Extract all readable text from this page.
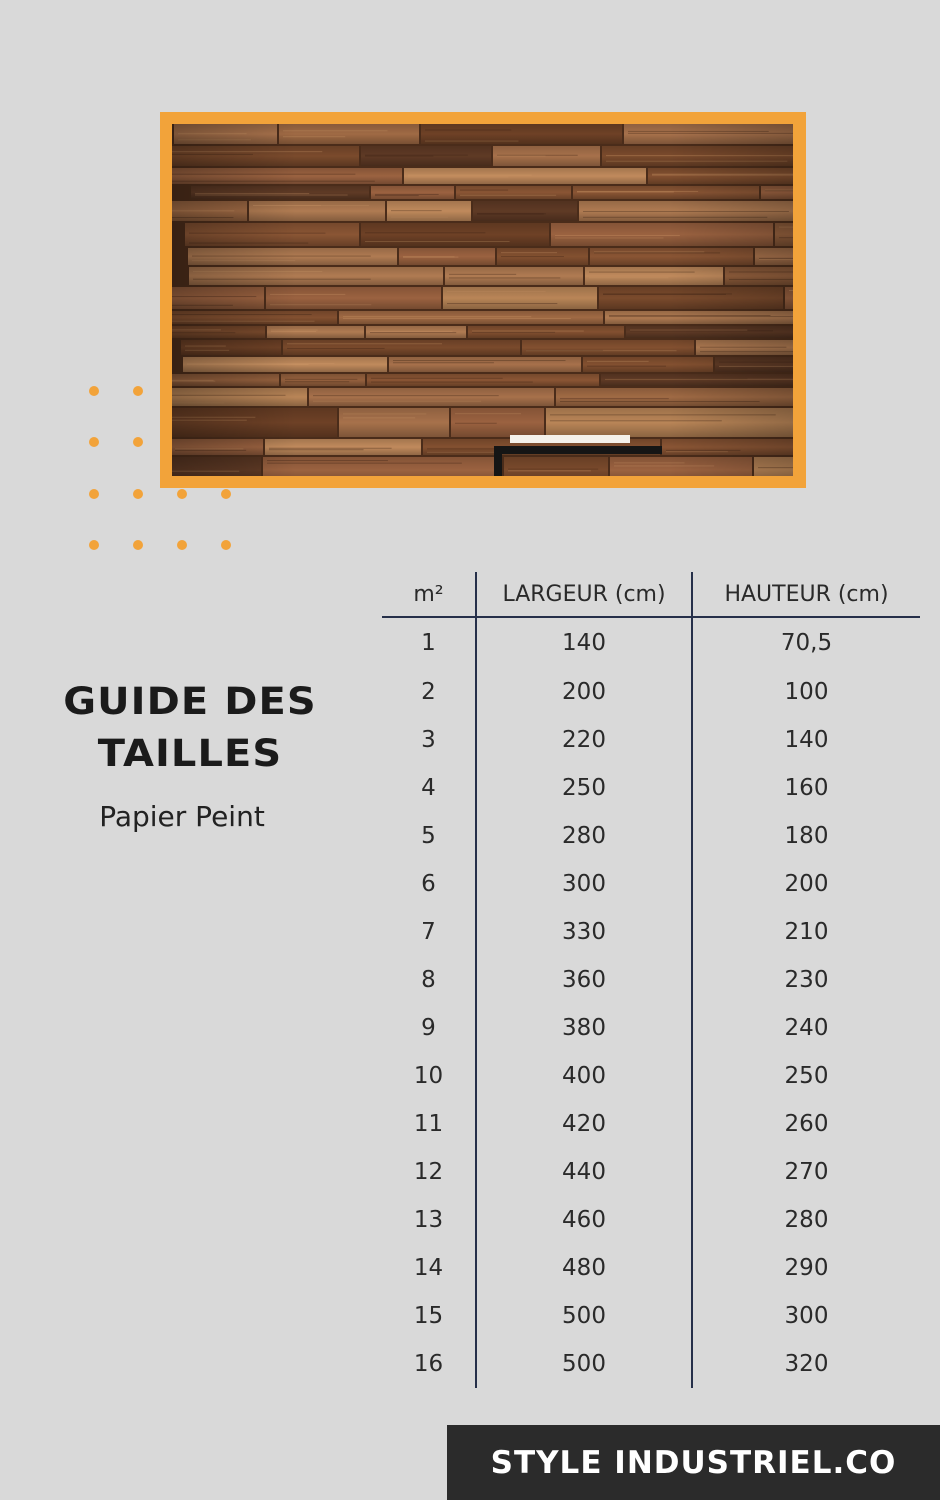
GUIDE DES
TAILLES
Papier Peint
m²	LARGEUR (cm)	HAUTEUR (cm)
1	140	70,5
2	200	100
3	220	140
4	250	160
5	280	180
6	300	200
7	330	210
8	360	230
9	380	240
10	400	250
11	420	260
12	440	270
13	460	280
14	480	290
15	500	300
16	500	320
STYLE INDUSTRIEL.CO
